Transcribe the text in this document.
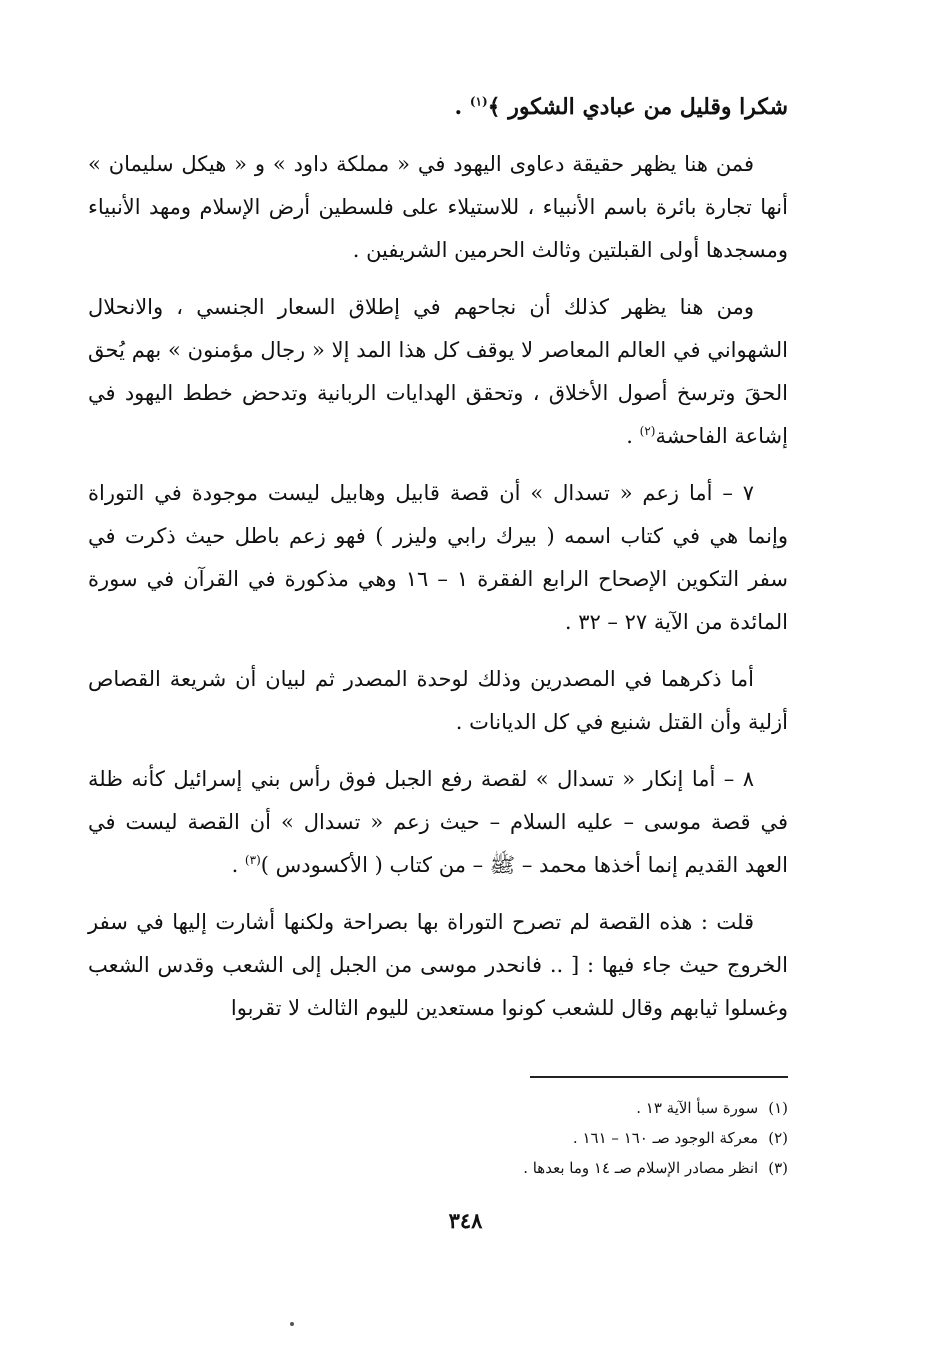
شكرا وقليل من عبادي الشكور ﴾$^{(١)}$ .

فمن هنا يظهر حقيقة دعاوى اليهود في « مملكة داود » و « هيكل سليمان » أنها تجارة بائرة باسم الأنبياء ، للاستيلاء على فلسطين أرض الإسلام ومهد الأنبياء ومسجدها أولى القبلتين وثالث الحرمين الشريفين .

ومن هنا يظهر كذلك أن نجاحهم في إطلاق السعار الجنسي ، والانحلال الشهواني في العالم المعاصر لا يوقف كل هذا المد إلا « رجال مؤمنون » بهم يُحق الحقَ وترسخ أصول الأخلاق ، وتحقق الهدايات الربانية وتدحض خطط اليهود في إشاعة الفاحشة$^{(٢)}$ .

٧ – أما زعم « تسدال » أن قصة قابيل وهابيل ليست موجودة في التوراة وإنما هي في كتاب اسمه ( بيرك رابي وليزر ) فهو زعم باطل حيث ذكرت في سفر التكوين الإصحاح الرابع الفقرة ١ – ١٦ وهي مذكورة في القرآن في سورة المائدة من الآية ٢٧ – ٣٢ .

أما ذكرهما في المصدرين وذلك لوحدة المصدر ثم لبيان أن شريعة القصاص أزلية وأن القتل شنيع في كل الديانات .

٨ – أما إنكار « تسدال » لقصة رفع الجبل فوق رأس بني إسرائيل كأنه ظلة في قصة موسى – عليه السلام – حيث زعم « تسدال » أن القصة ليست في العهد القديم إنما أخذها محمد – ﷺ – من كتاب ( الأكسودس )$^{(٣)}$ .

قلت : هذه القصة لم تصرح التوراة بها بصراحة ولكنها أشارت إليها في سفر الخروج حيث جاء فيها : [ .. فانحدر موسى من الجبل إلى الشعب وقدس الشعب وغسلوا ثيابهم وقال للشعب كونوا مستعدين لليوم الثالث لا تقربوا

(١)سورة سبأ الآية ١٣ .
(٢)معركة الوجود صـ ١٦٠ – ١٦١ .
(٣)انظر مصادر الإسلام صـ ١٤ وما بعدها .
٣٤٨
